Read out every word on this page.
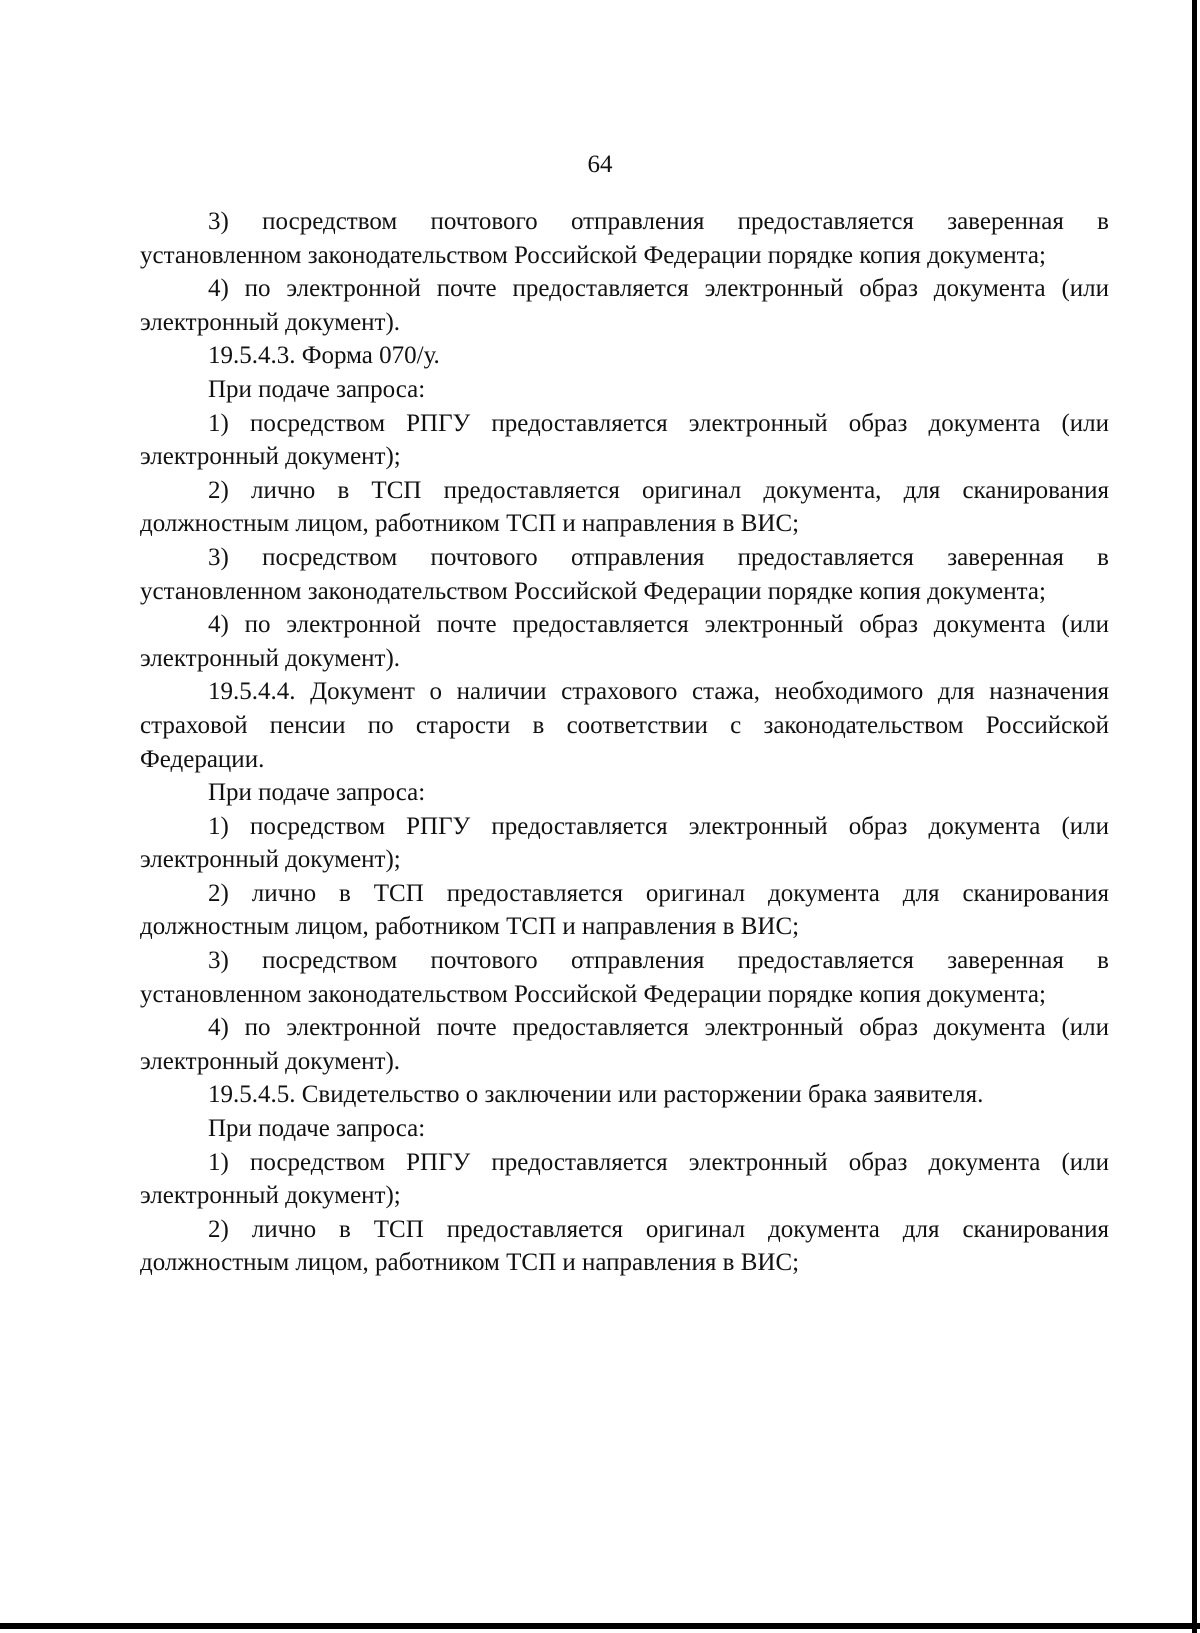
64

3) посредством почтового отправления предоставляется заверенная в установленном законодательством Российской Федерации порядке копия документа;

4) по электронной почте предоставляется электронный образ документа (или электронный документ).

19.5.4.3. Форма 070/у.

При подаче запроса:

1) посредством РПГУ предоставляется электронный образ документа (или электронный документ);

2) лично в ТСП предоставляется оригинал документа, для сканирования должностным лицом, работником ТСП и направления в ВИС;

3) посредством почтового отправления предоставляется заверенная в установленном законодательством Российской Федерации порядке копия документа;

4) по электронной почте предоставляется электронный образ документа (или электронный документ).

19.5.4.4. Документ о наличии страхового стажа, необходимого для назначения страховой пенсии по старости в соответствии с законодательством Российской Федерации.

При подаче запроса:

1) посредством РПГУ предоставляется электронный образ документа (или электронный документ);

2) лично в ТСП предоставляется оригинал документа для сканирования должностным лицом, работником ТСП и направления в ВИС;

3) посредством почтового отправления предоставляется заверенная в установленном законодательством Российской Федерации порядке копия документа;

4) по электронной почте предоставляется электронный образ документа (или электронный документ).

19.5.4.5. Свидетельство о заключении или расторжении брака заявителя.

При подаче запроса:

1) посредством РПГУ предоставляется электронный образ документа (или электронный документ);

2) лично в ТСП предоставляется оригинал документа для сканирования должностным лицом, работником ТСП и направления в ВИС;
